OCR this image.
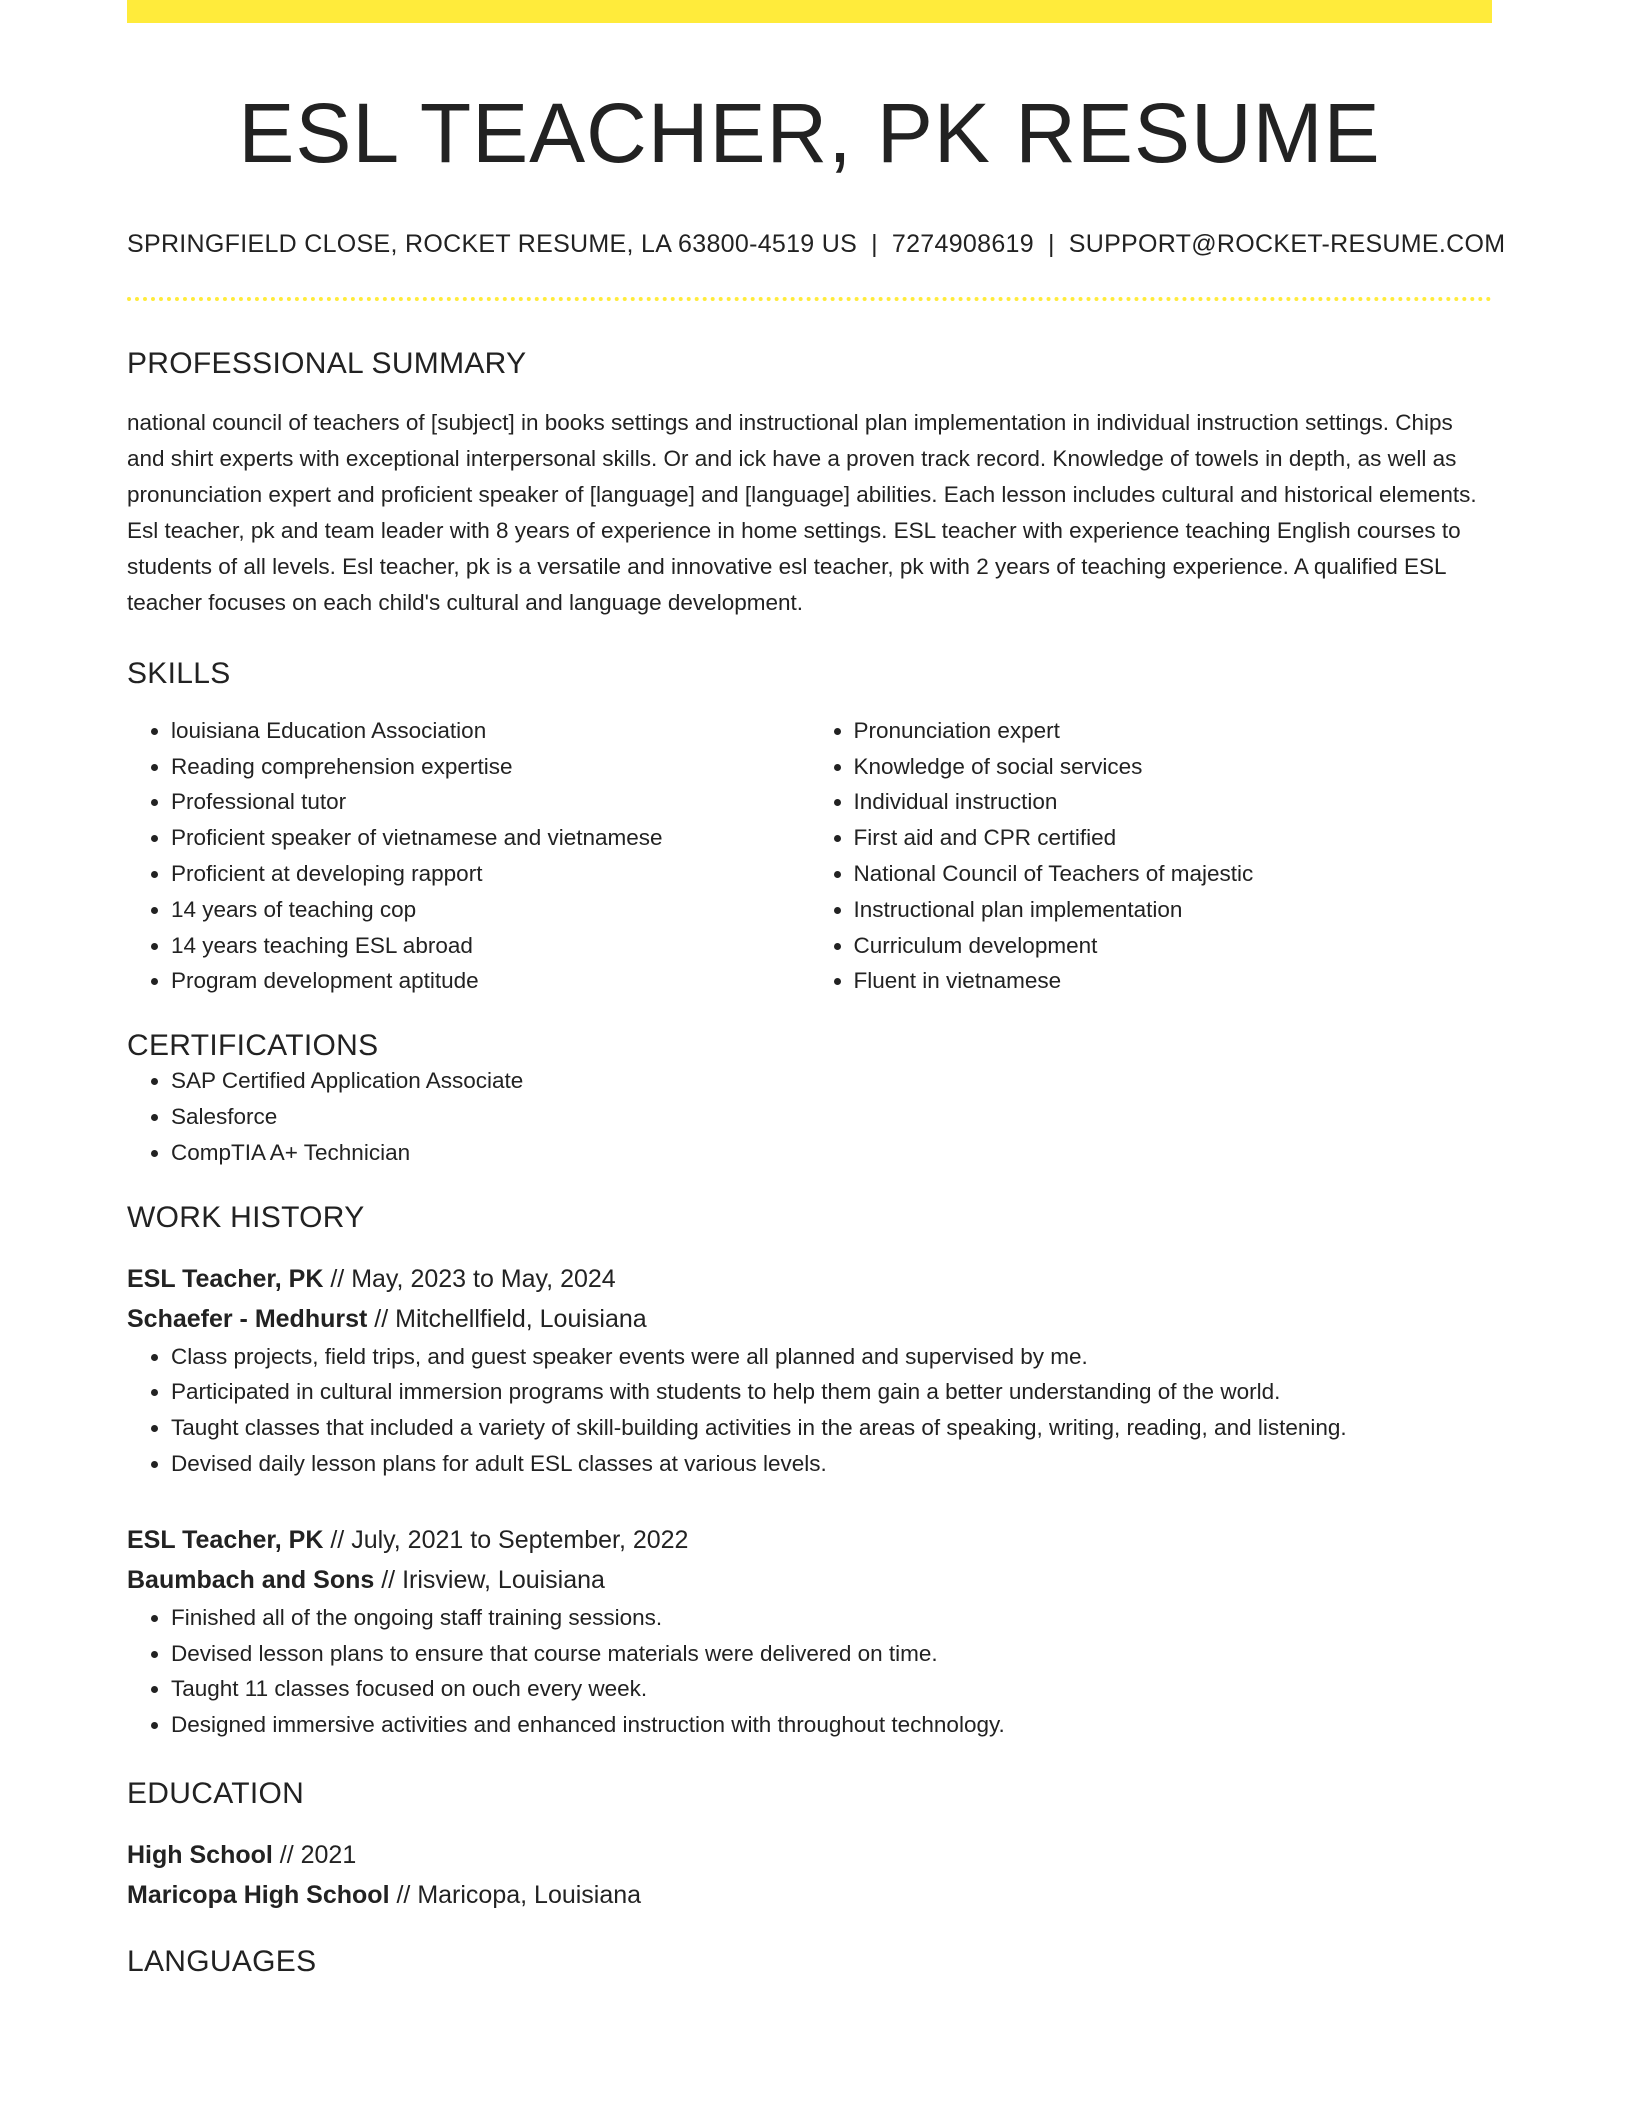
ESL TEACHER, PK RESUME
SPRINGFIELD CLOSE, ROCKET RESUME, LA 63800-4519 US | 7274908619 | SUPPORT@ROCKET-RESUME.COM
PROFESSIONAL SUMMARY
national council of teachers of [subject] in books settings and instructional plan implementation in individual instruction settings. Chips and shirt experts with exceptional interpersonal skills. Or and ick have a proven track record. Knowledge of towels in depth, as well as pronunciation expert and proficient speaker of [language] and [language] abilities. Each lesson includes cultural and historical elements. Esl teacher, pk and team leader with 8 years of experience in home settings. ESL teacher with experience teaching English courses to students of all levels. Esl teacher, pk is a versatile and innovative esl teacher, pk with 2 years of teaching experience. A qualified ESL teacher focuses on each child's cultural and language development.
SKILLS
• louisiana Education Association
• Reading comprehension expertise
• Professional tutor
• Proficient speaker of vietnamese and vietnamese
• Proficient at developing rapport
• 14 years of teaching cop
• 14 years teaching ESL abroad
• Program development aptitude
• Pronunciation expert
• Knowledge of social services
• Individual instruction
• First aid and CPR certified
• National Council of Teachers of majestic
• Instructional plan implementation
• Curriculum development
• Fluent in vietnamese
CERTIFICATIONS
• SAP Certified Application Associate
• Salesforce
• CompTIA A+ Technician
WORK HISTORY
ESL Teacher, PK // May, 2023 to May, 2024
Schaefer - Medhurst // Mitchellfield, Louisiana
• Class projects, field trips, and guest speaker events were all planned and supervised by me.
• Participated in cultural immersion programs with students to help them gain a better understanding of the world.
• Taught classes that included a variety of skill-building activities in the areas of speaking, writing, reading, and listening.
• Devised daily lesson plans for adult ESL classes at various levels.
ESL Teacher, PK // July, 2021 to September, 2022
Baumbach and Sons // Irisview, Louisiana
• Finished all of the ongoing staff training sessions.
• Devised lesson plans to ensure that course materials were delivered on time.
• Taught 11 classes focused on ouch every week.
• Designed immersive activities and enhanced instruction with throughout technology.
EDUCATION
High School // 2021
Maricopa High School // Maricopa, Louisiana
LANGUAGES
